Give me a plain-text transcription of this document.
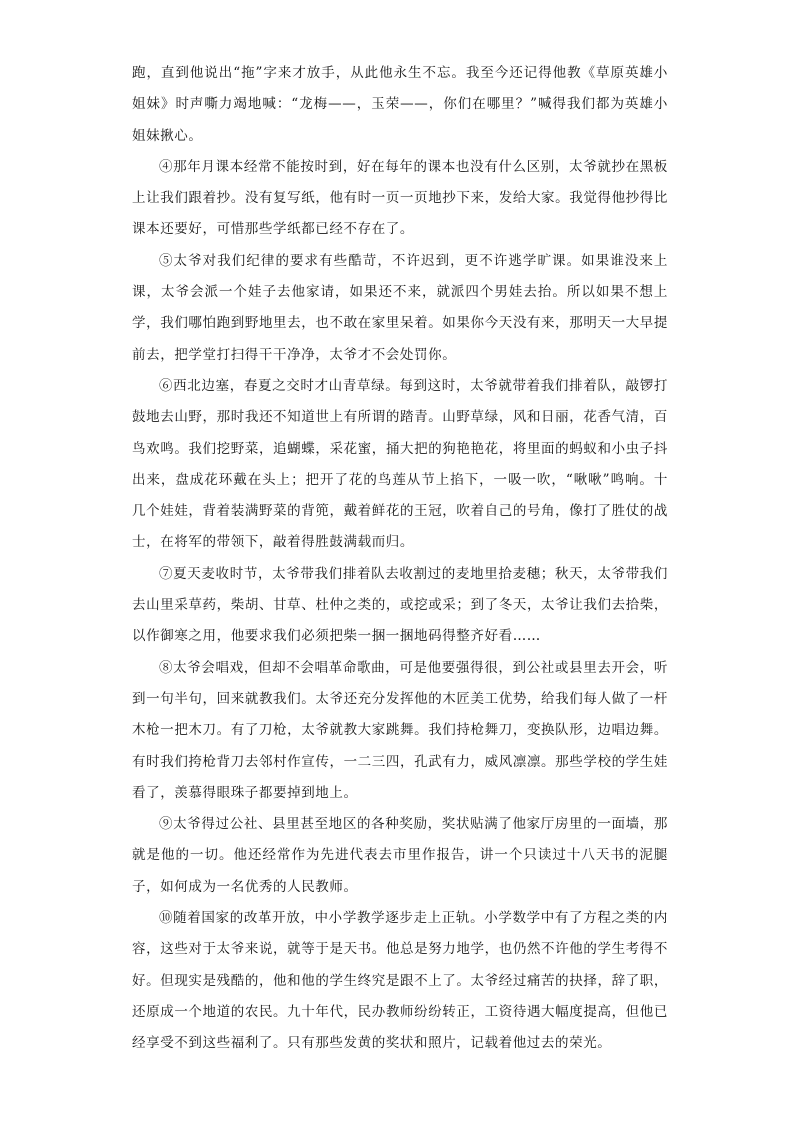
跑，直到他说出“拖”字来才放手，从此他永生不忘。我至今还记得他教《草原英雄小姐妹》时声嘶力竭地喊：“龙梅——，玉荣——，你们在哪里？”喊得我们都为英雄小姐妹揪心。

④那年月课本经常不能按时到，好在每年的课本也没有什么区别，太爷就抄在黑板上让我们跟着抄。没有复写纸，他有时一页一页地抄下来，发给大家。我觉得他抄得比课本还要好，可惜那些学纸都已经不存在了。

⑤太爷对我们纪律的要求有些酷苛，不许迟到，更不许逃学旷课。如果谁没来上课，太爷会派一个娃子去他家请，如果还不来，就派四个男娃去抬。所以如果不想上学，我们哪怕跑到野地里去，也不敢在家里呆着。如果你今天没有来，那明天一大早提前去，把学堂打扫得干干净净，太爷才不会处罚你。

⑥西北边塞，春夏之交时才山青草绿。每到这时，太爷就带着我们排着队，敲锣打鼓地去山野，那时我还不知道世上有所谓的踏青。山野草绿，风和日丽，花香气清，百鸟欢鸣。我们挖野菜，追蝴蝶，采花蜜，捅大把的狗艳艳花，将里面的蚂蚁和小虫子抖出来，盘成花环戴在头上；把开了花的鸟莲从节上掐下，一吸一吹，“啾啾”鸣响。十几个娃娃，背着装满野菜的背篼，戴着鲜花的王冠，吹着自己的号角，像打了胜仗的战士，在将军的带领下，敲着得胜鼓满载而归。

⑦夏天麦收时节，太爷带我们排着队去收割过的麦地里拾麦穗；秋天，太爷带我们去山里采草药，柴胡、甘草、杜仲之类的，或挖或采；到了冬天，太爷让我们去拾柴，以作御寒之用，他要求我们必须把柴一捆一捆地码得整齐好看……

⑧太爷会唱戏，但却不会唱革命歌曲，可是他要强得很，到公社或县里去开会，听到一句半句，回来就教我们。太爷还充分发挥他的木匠美工优势，给我们每人做了一杆木枪一把木刀。有了刀枪，太爷就教大家跳舞。我们持枪舞刀，变换队形，边唱边舞。有时我们挎枪背刀去邻村作宣传，一二三四，孔武有力，威风凛凛。那些学校的学生娃看了，羡慕得眼珠子都要掉到地上。

⑨太爷得过公社、县里甚至地区的各种奖励，奖状贴满了他家厅房里的一面墙，那就是他的一切。他还经常作为先进代表去市里作报告，讲一个只读过十八天书的泥腿子，如何成为一名优秀的人民教师。

⑩随着国家的改革开放，中小学教学逐步走上正轨。小学数学中有了方程之类的内容，这些对于太爷来说，就等于是天书。他总是努力地学，也仍然不许他的学生考得不好。但现实是残酷的，他和他的学生终究是跟不上了。太爷经过痛苦的抉择，辞了职，还原成一个地道的农民。九十年代，民办教师纷纷转正，工资待遇大幅度提高，但他已经享受不到这些福利了。只有那些发黄的奖状和照片，记载着他过去的荣光。
